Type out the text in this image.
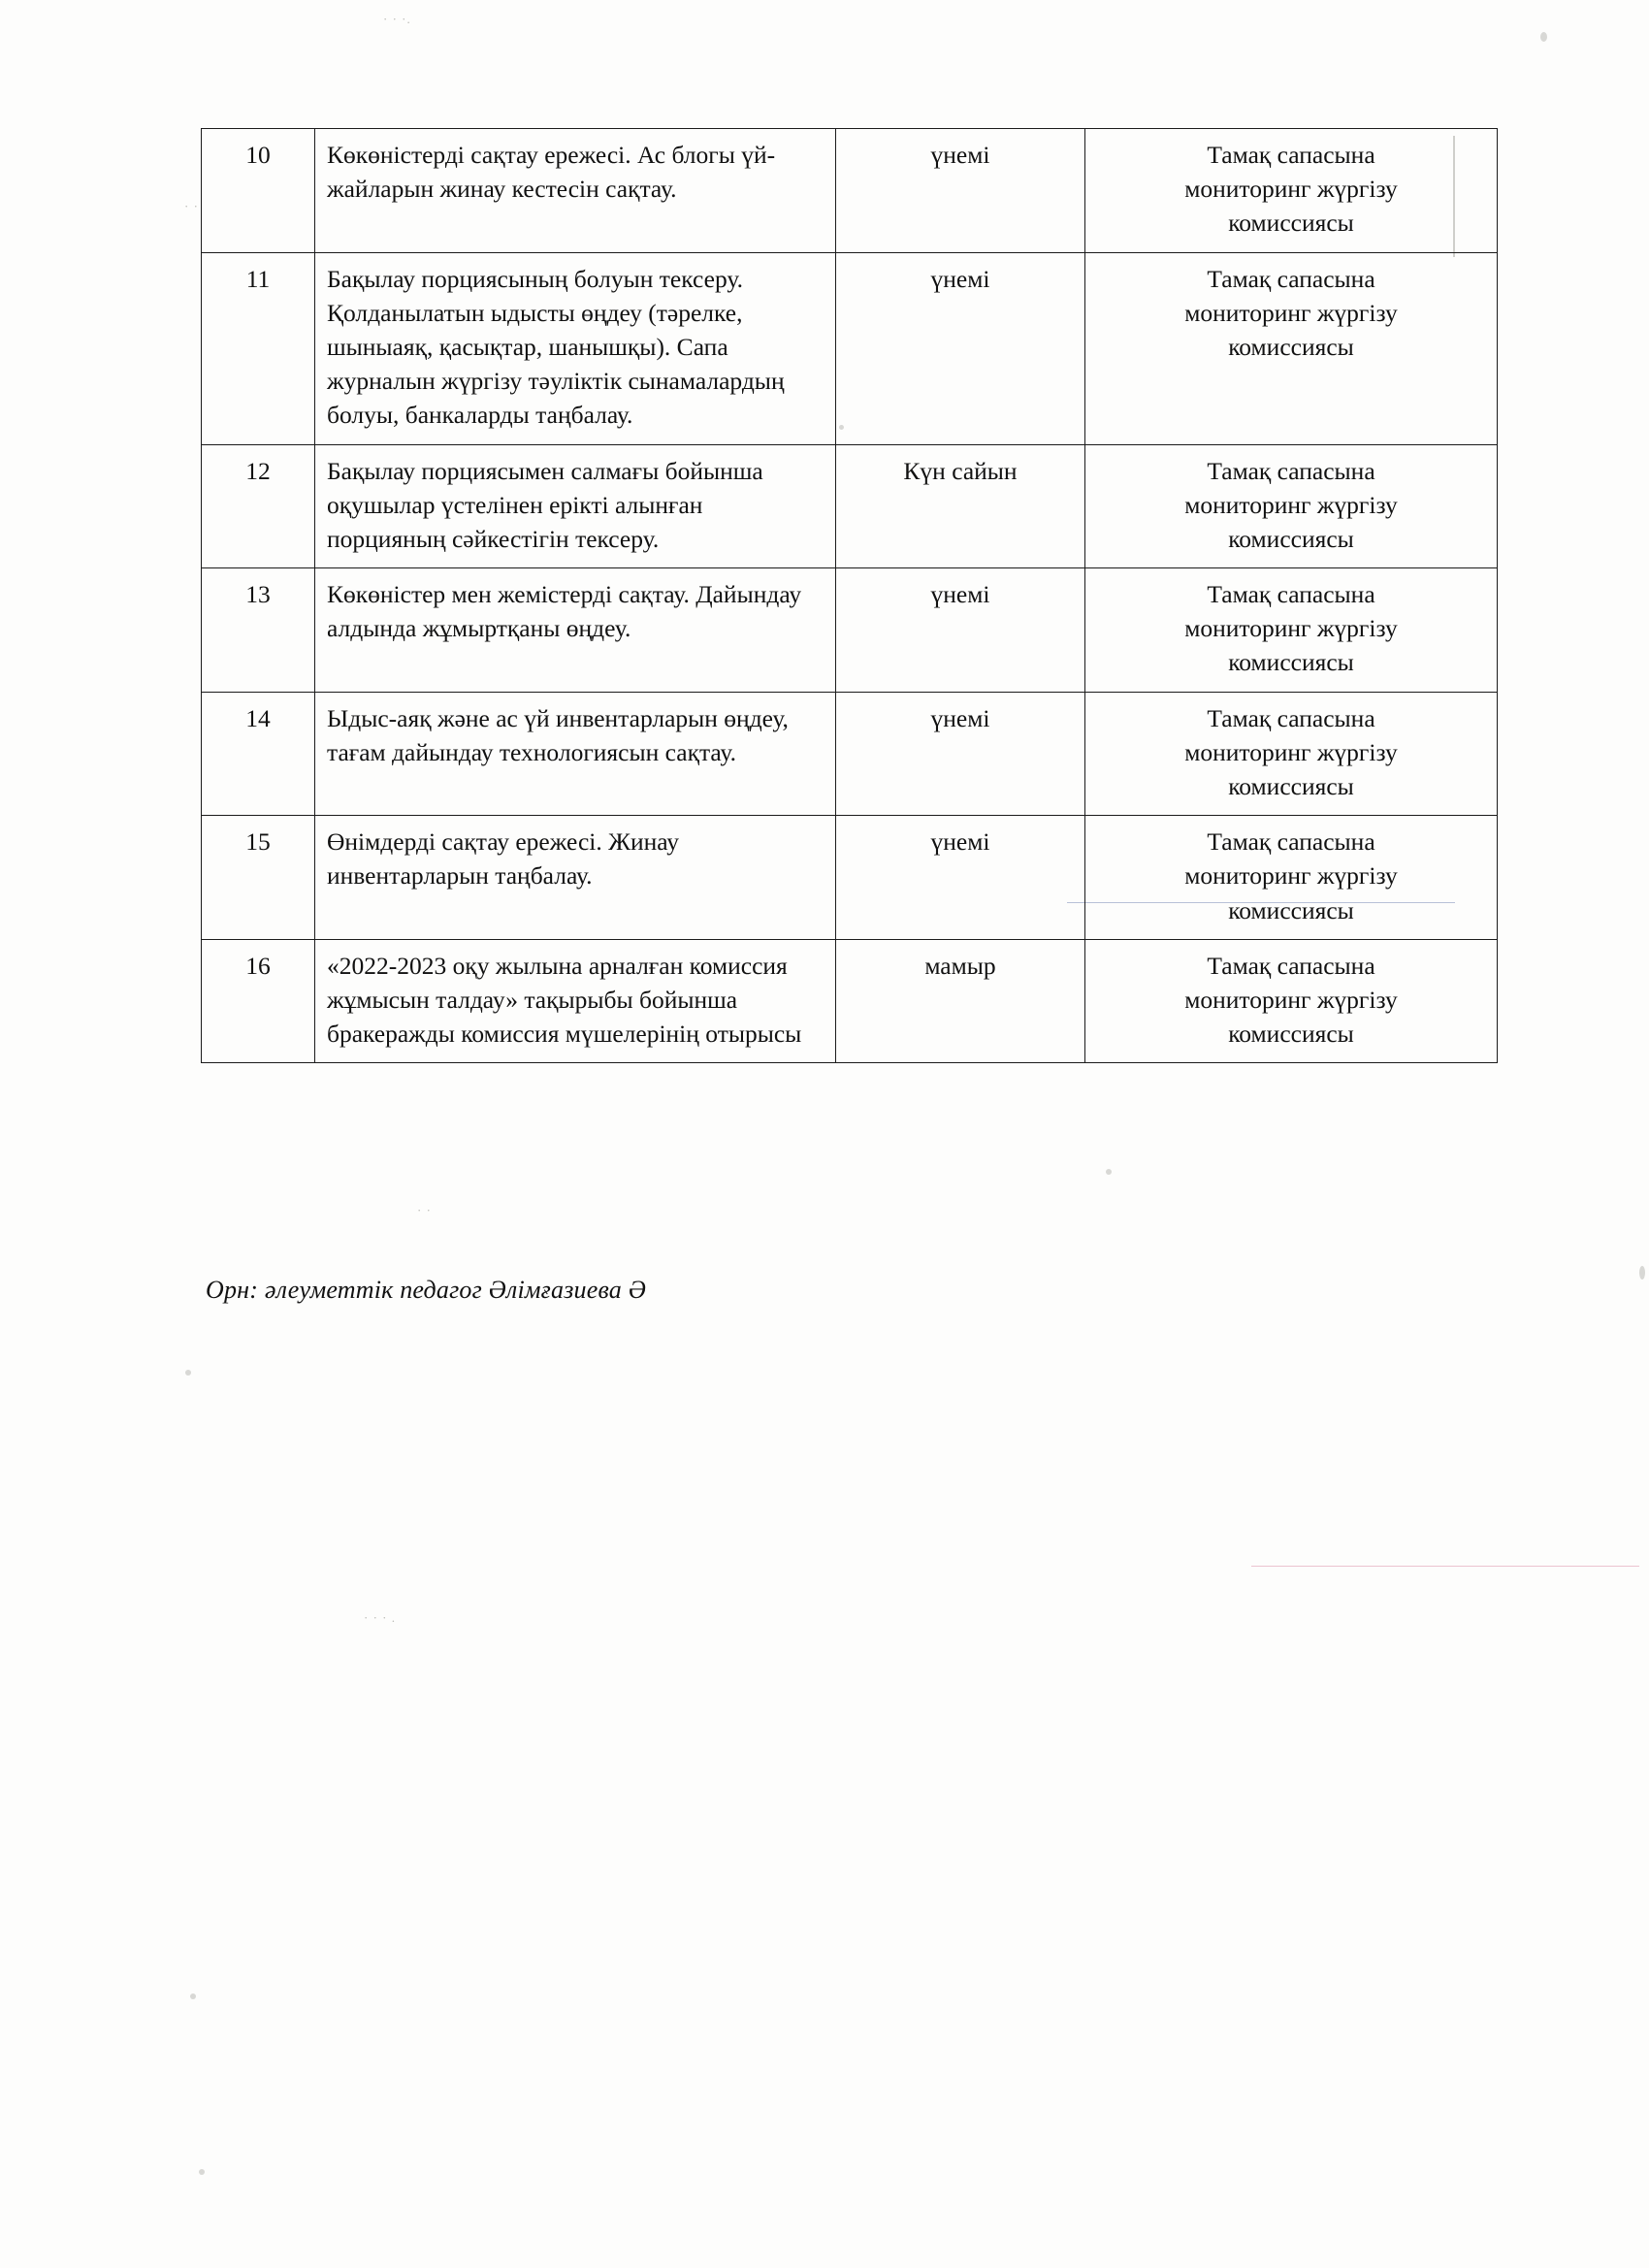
· · ·.
· ·
· ·
· · · .
10	Көкөністерді сақтау ережесі. Ас блогы үй-жайларын жинау кестесін сақтау.	үнемі	Тамақ сапасына
мониторинг жүргізу
комиссиясы

11	Бақылау порциясының болуын тексеру. Қолданылатын ыдысты өңдеу (тәрелке, шыныаяқ, қасықтар, шанышқы). Сапа журналын жүргізу тәуліктік сынамалардың болуы, банкаларды таңбалау.	үнемі	Тамақ сапасына
мониторинг жүргізу
комиссиясы

12	Бақылау порциясымен салмағы бойынша оқушылар үстелінен ерікті алынған порцияның сәйкестігін тексеру.	Күн сайын	Тамақ сапасына
мониторинг жүргізу
комиссиясы

13	Көкөністер мен жемістерді сақтау. Дайындау алдында жұмыртқаны өңдеу.	үнемі	Тамақ сапасына
мониторинг жүргізу
комиссиясы

14	Ыдыс-аяқ және ас үй инвентарларын өңдеу, тағам дайындау технологиясын сақтау.	үнемі	Тамақ сапасына
мониторинг жүргізу
комиссиясы

15	Өнімдерді сақтау ережесі. Жинау инвентарларын таңбалау.	үнемі	Тамақ сапасына
мониторинг жүргізу
комиссиясы

16	«2022-2023 оқу жылына арналған комиссия жұмысын талдау» тақырыбы бойынша бракеражды комиссия мүшелерінің отырысы	мамыр	Тамақ сапасына
мониторинг жүргізу
комиссиясы
Орн: әлеуметтік педагог Әлімғазиева Ә
